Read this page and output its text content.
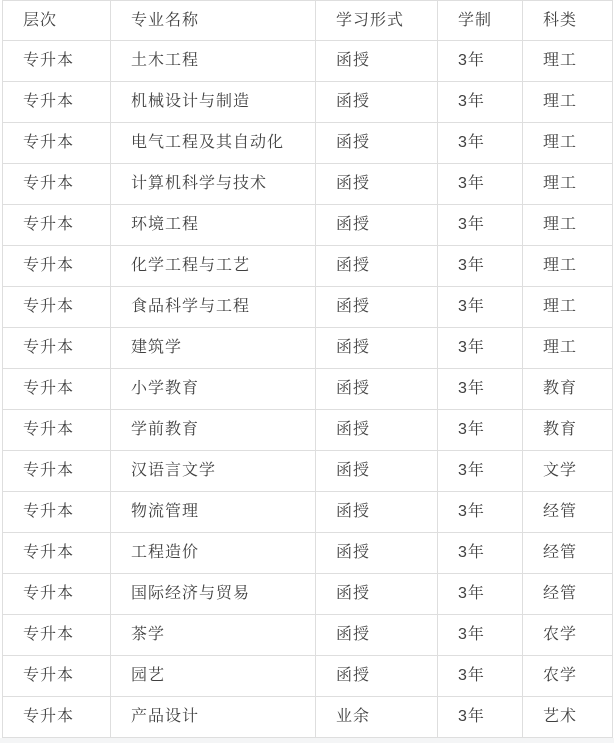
层次	专业名称	学习形式	学制	科类
专升本	土木工程	函授	3年	理工
专升本	机械设计与制造	函授	3年	理工
专升本	电气工程及其自动化	函授	3年	理工
专升本	计算机科学与技术	函授	3年	理工
专升本	环境工程	函授	3年	理工
专升本	化学工程与工艺	函授	3年	理工
专升本	食品科学与工程	函授	3年	理工
专升本	建筑学	函授	3年	理工
专升本	小学教育	函授	3年	教育
专升本	学前教育	函授	3年	教育
专升本	汉语言文学	函授	3年	文学
专升本	物流管理	函授	3年	经管
专升本	工程造价	函授	3年	经管
专升本	国际经济与贸易	函授	3年	经管
专升本	茶学	函授	3年	农学
专升本	园艺	函授	3年	农学
专升本	产品设计	业余	3年	艺术
